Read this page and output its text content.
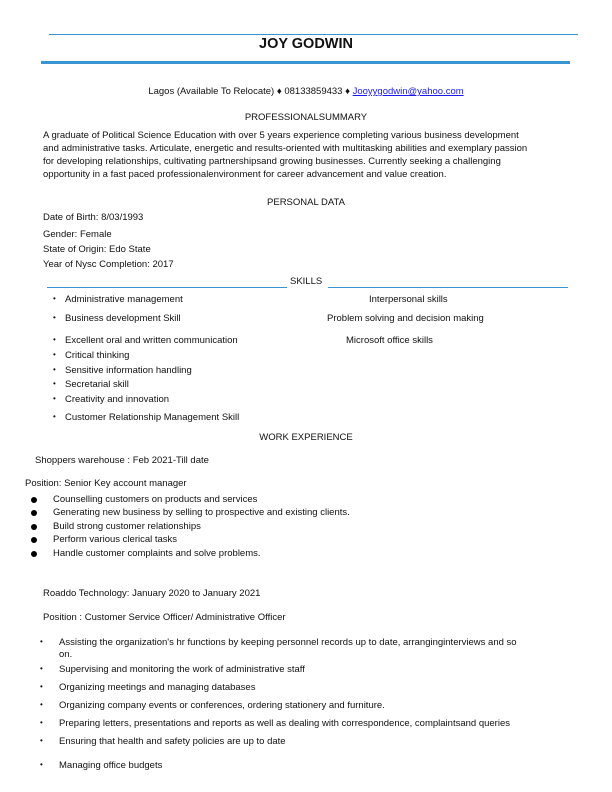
JOY GODWIN
Lagos (Available To Relocate) ♦ 08133859433 ♦ Jooyygodwin@yahoo.com
PROFESSIONALSUMMARY
A graduate of Political Science Education with over 5 years experience completing various business development
and administrative tasks. Articulate, energetic and results-oriented with multitasking abilities and exemplary passion
for developing relationships, cultivating partnershipsand growing businesses. Currently seeking a challenging
opportunity in a fast paced professionalenvironment for career advancement and value creation.
PERSONAL DATA
Date of Birth: 8/03/1993
Gender: Female
State of Origin: Edo State
Year of Nysc Completion: 2017
SKILLS
• Administrative management
• Business development Skill
• Excellent oral and written communication
• Critical thinking
• Sensitive information handling
• Secretarial skill
• Creativity and innovation
• Customer Relationship Management Skill
Interpersonal skills
Problem solving and decision making
Microsoft office skills
WORK EXPERIENCE
Shoppers warehouse : Feb 2021-Till date
Position: Senior Key account manager
Counselling customers on products and services
Generating new business by selling to prospective and existing clients.
Build strong customer relationships
Perform various clerical tasks
Handle customer complaints and solve problems.
Roaddo Technology: January 2020 to January 2021
Position : Customer Service Officer/ Administrative Officer
• Assisting the organization's hr functions by keeping personnel records up to date, arranginginterviews and so
on.
• Supervising and monitoring the work of administrative staff
• Organizing meetings and managing databases
• Organizing company events or conferences, ordering stationery and furniture.
• Preparing letters, presentations and reports as well as dealing with correspondence, complaintsand queries
• Ensuring that health and safety policies are up to date
• Managing office budgets
